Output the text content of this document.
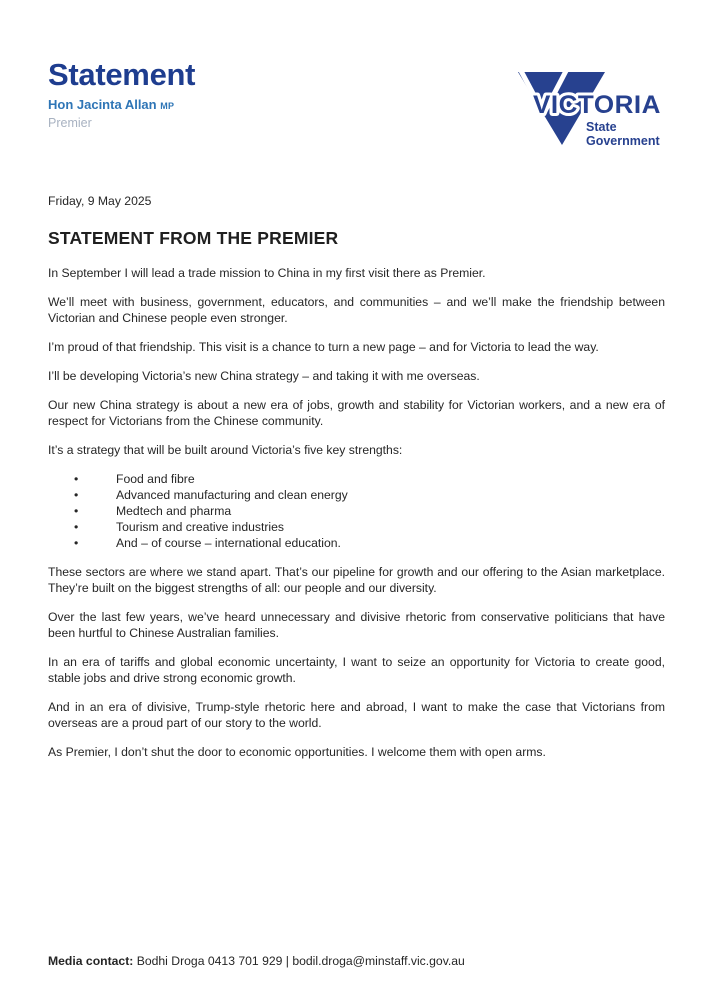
Statement
Hon Jacinta Allan MP
Premier
VICTORIA
State
Government
Friday, 9 May 2025
STATEMENT FROM THE PREMIER

In September I will lead a trade mission to China in my first visit there as Premier.

We’ll meet with business, government, educators, and communities – and we’ll make the friendship between Victorian and Chinese people even stronger.

I’m proud of that friendship. This visit is a chance to turn a new page – and for Victoria to lead the way.

I’ll be developing Victoria’s new China strategy – and taking it with me overseas.

Our new China strategy is about a new era of jobs, growth and stability for Victorian workers, and a new era of respect for Victorians from the Chinese community.

It’s a strategy that will be built around Victoria’s five key strengths:

• Food and fibre
• Advanced manufacturing and clean energy
• Medtech and pharma
• Tourism and creative industries
• And – of course – international education.

These sectors are where we stand apart. That’s our pipeline for growth and our offering to the Asian marketplace. They’re built on the biggest strengths of all: our people and our diversity.

Over the last few years, we’ve heard unnecessary and divisive rhetoric from conservative politicians that have been hurtful to Chinese Australian families.

In an era of tariffs and global economic uncertainty, I want to seize an opportunity for Victoria to create good, stable jobs and drive strong economic growth.

And in an era of divisive, Trump-style rhetoric here and abroad, I want to make the case that Victorians from overseas are a proud part of our story to the world.

As Premier, I don’t shut the door to economic opportunities. I welcome them with open arms.

Media contact: Bodhi Droga 0413 701 929 | bodil.droga@minstaff.vic.gov.au
